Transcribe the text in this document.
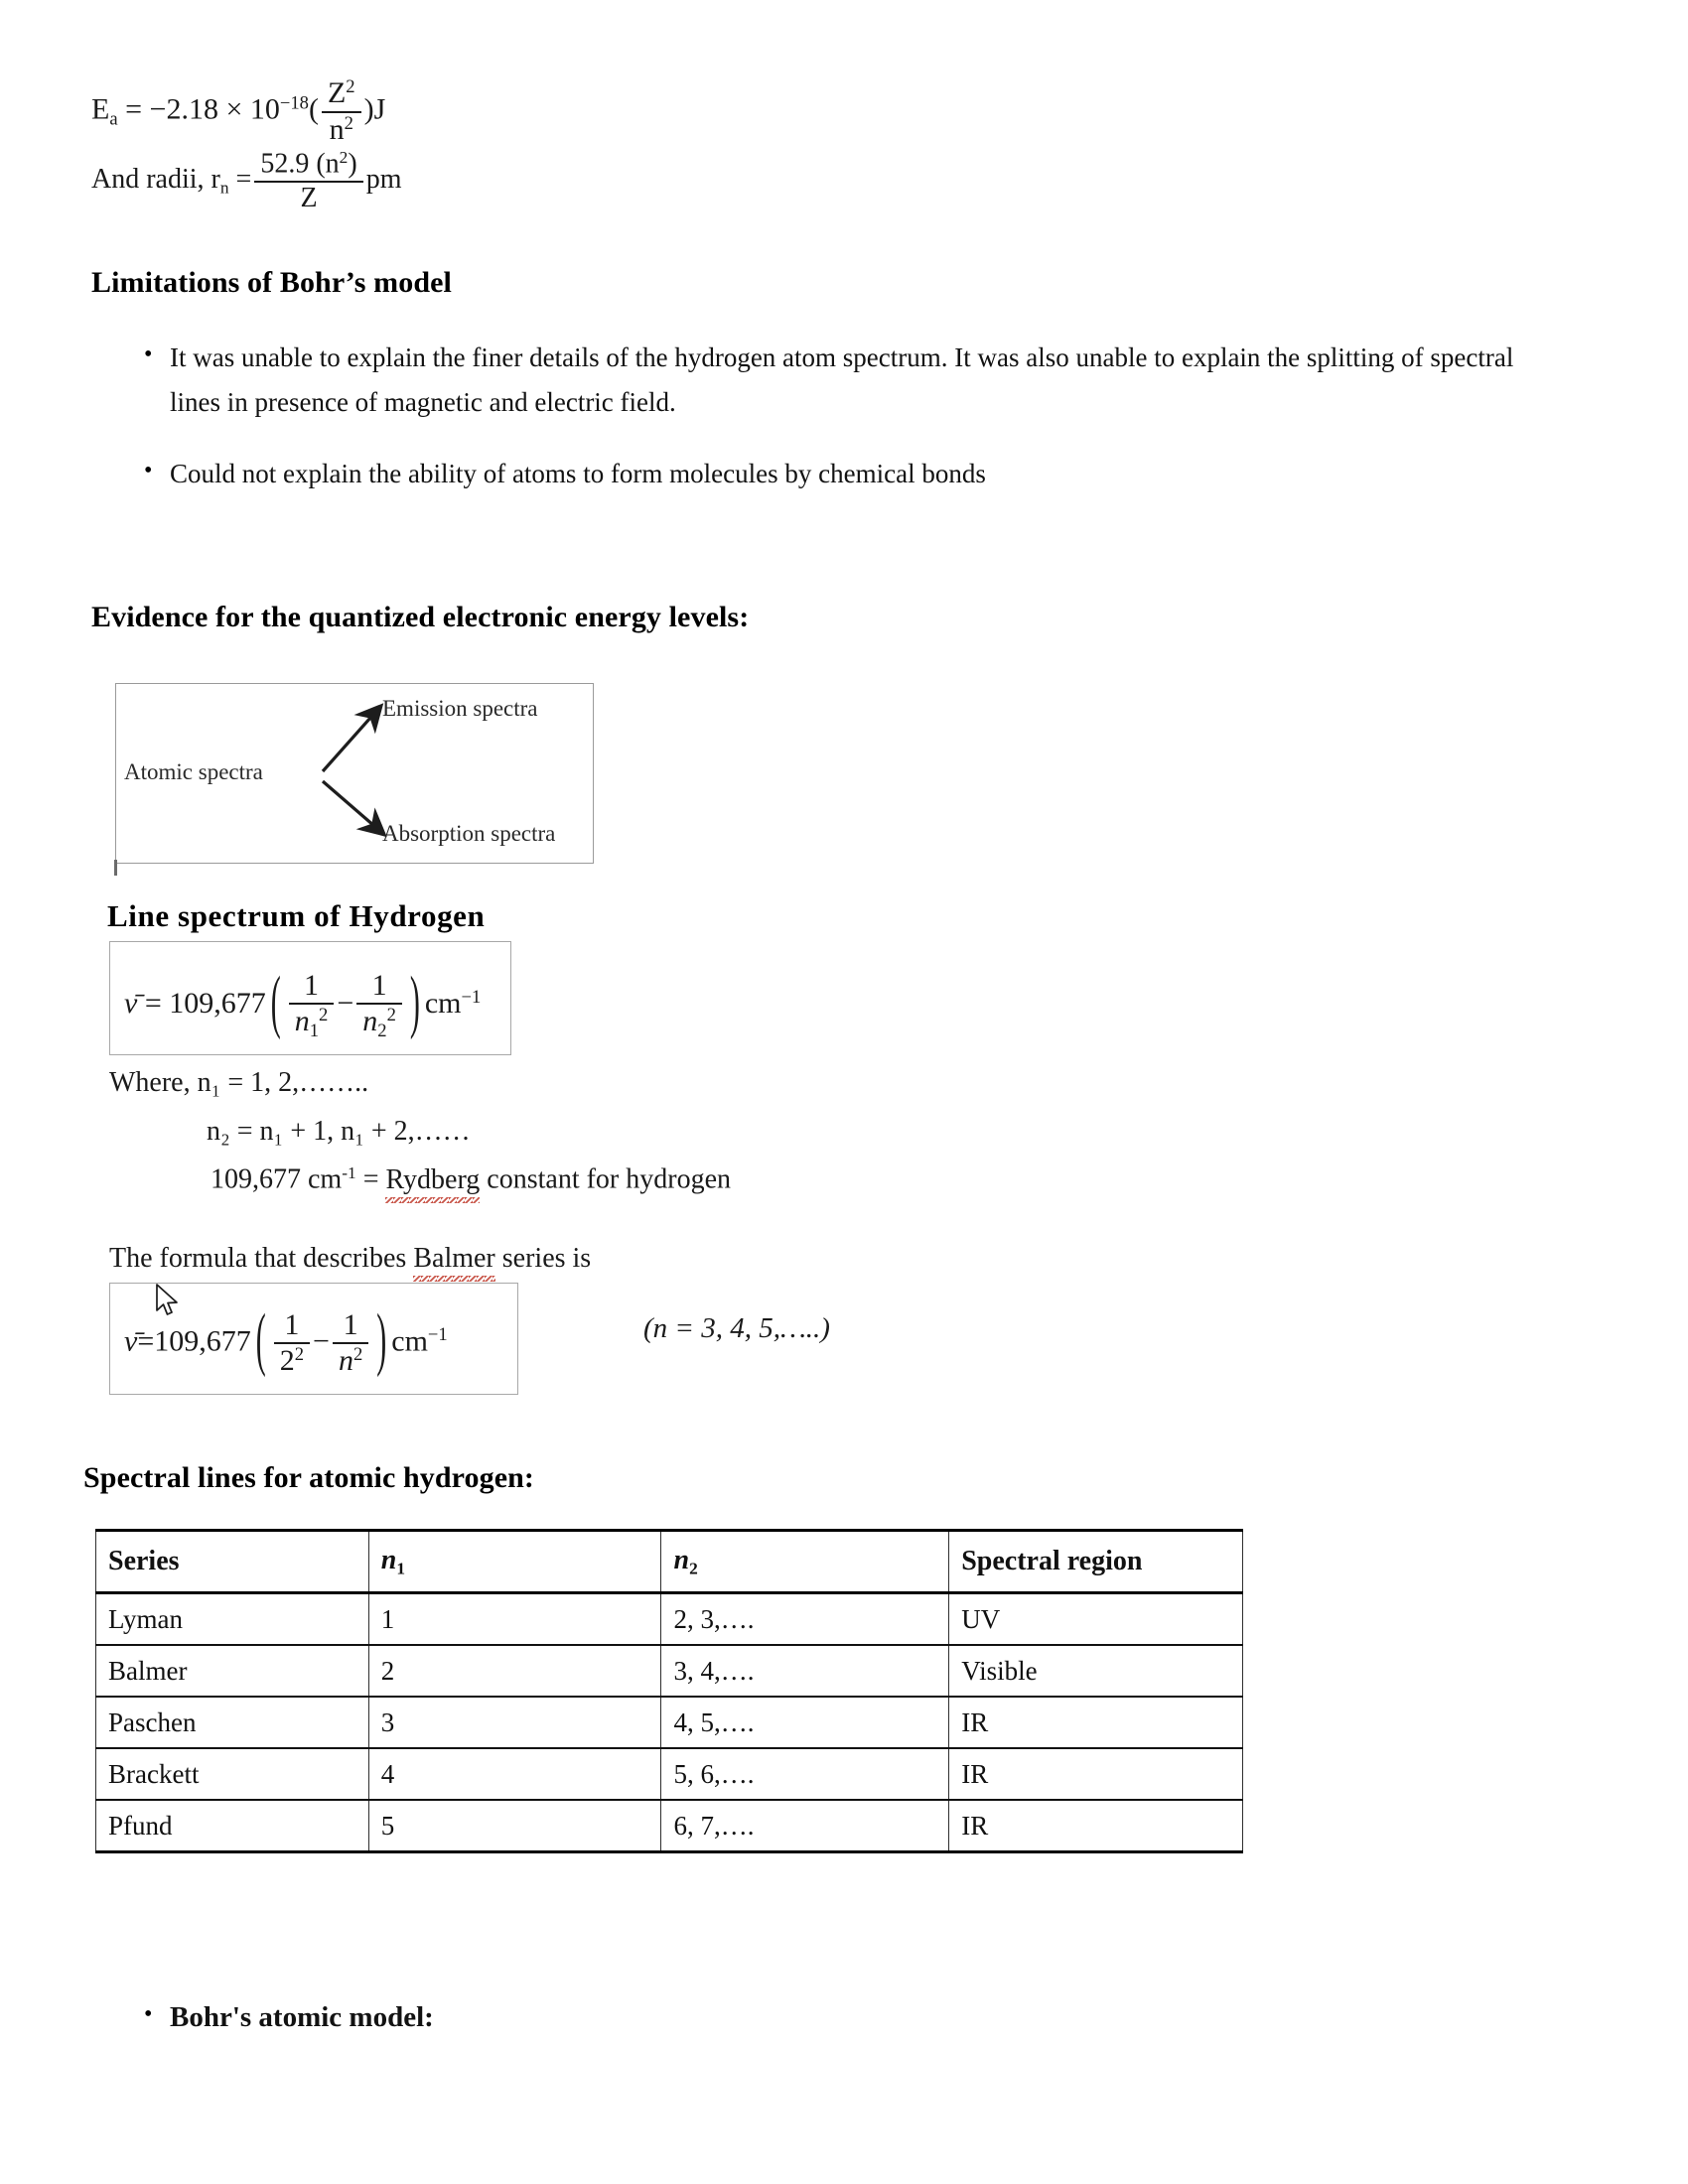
$E_a = -2.18 \times 10^{-18}( \frac{Z^2}{n^2} )J$
And radii, $r_n = \frac{52.9 (n^2)}{Z}$ pm
Limitations of Bohr’s model
• It was unable to explain the finer details of the hydrogen atom spectrum. It was also unable to explain the splitting of spectral lines in presence of magnetic and electric field.
• Could not explain the ability of atoms to form molecules by chemical bonds
Evidence for the quantized electronic energy levels:
Atomic spectra
Emission spectra
Absorption spectra
Line spectrum of Hydrogen
ν̄ = 109,677 ( $\frac{1}{n_1^2} - \frac{1}{n_2^2}$ ) $cm^{-1}$
Where, n₁ = 1, 2,……..
n₂ = n₁ + 1, n₁ + 2,……
109,677 $cm^{-1}$ = Rydberg constant for hydrogen
The formula that describes Balmer series is
ν̄=109,677 ( $\frac{1}{2^2} - \frac{1}{n^2}$ ) $cm^{-1}$	(n = 3, 4, 5,…..)
Spectral lines for atomic hydrogen:
Series	$n_1$	$n_2$	Spectral region
Lyman	1	2, 3,….	UV
Balmer	2	3, 4,….	Visible
Paschen	3	4, 5,….	IR
Brackett	4	5, 6,….	IR
Pfund	5	6, 7,….	IR
• Bohr's atomic model:
